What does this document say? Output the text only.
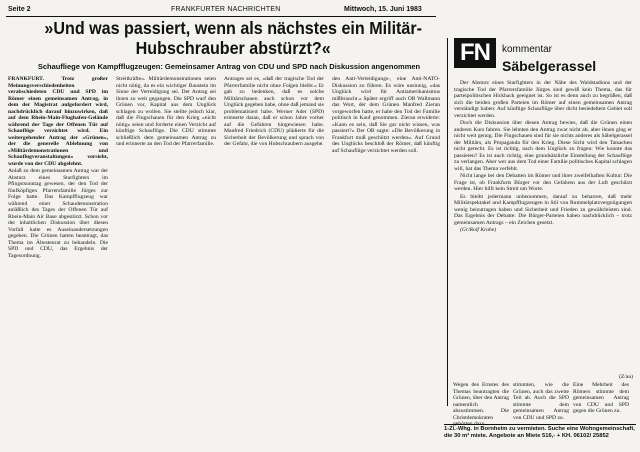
Seite 2	FRANKFURTER NACHRICHTEN	Mittwoch, 15. Juni 1983
»Und was passiert, wenn als nächstes ein Militär-Hubschrauber abstürzt?«
Schaufliege von Kampfflugzeugen: Gemeinsamer Antrag von CDU und SPD nach Diskussion angenommen

FRANKFURT. Trotz großer Meinungsverschiedenheiten verabschiedeten CDU und SPD im Römer einen gemeinsamen Antrag, in dem der Magistrat aufgefordert wird, nachdrücklich darauf hinzuwirken, daß auf dem Rhein-Main-Flughafen-Gelände während der Tage der Offenen Tür auf Schauflüge verzichtet wird. Ein weitergehender Antrag der »Grünen«, der die generelle Ablehnung von »Militärdemonstrationen und Schauflugveranstaltungen« vorsieht, wurde von der CDU abgelehnt.

Anlaß zu dem gemeinsamen Antrag war der Absturz eines Starfighters im Pfingstsonntag gewesen, der den Tod der fünfköpfigen Pfarrersfamilie Jürges zur Folge hatte. Das Kampfflugzeug war während einer Schaudemonstration anläßlich des Tages der Offenen Tür auf Rhein-Main Air Base abgestürzt. Schon vor der inhaltlichen Diskussion über diesen Vorfall hatte es Auseinandersetzungen gegeben. Die Grünen hatten beantragt, das Thema im Ältestenrat zu behandeln. Die SPD und CDU, das Ergebnis der Tagesordnung.

Streitkräfte«. Militärdemonstrationen seien nicht nötig, da es ein wichtiger Baustein im Sinne der Verteidigung sei. Der Antrag sei ihnen zu weit gegangen. Die SPD warf den Grünen vor, Kapital aus dem Unglück schlagen zu wollen. Sie stellte jedoch klar, daß die Flugschauen für den Krieg »nicht nötig« seien und forderte einen Verzicht auf künftige Schauflüge. Die CDU stimmte schließlich dem gemeinsamen Antrag zu und erinnerte an den Tod der Pfarrerfamilie.

Antrages sei es, »daß der tragische Tod der Pfarrerfamilie nicht ohne Folgen bleibt.« Er gab zu bedenken, daß es solche Militärschauen auch schon vor dem Unglück gegeben habe, ohne daß jemand sie problematisiert habe. Werner Ader (SPD) erinnerte daran, daß er schon Jahre vorher auf die Gefahren hingewiesen habe. Manfred Friedrich (CDU) plädierte für die Sicherheit der Bevölkerung und sprach von der Gefahr, die von Hubschraubern ausgehe.

den Anti-Verteidigungs-, eine Anti-NATO-Diskussion zu führen. Es wäre unsinnig, »das Unglück wird für Antiamerikanismus mißbraucht.« Später ergriff auch OB Wallmann das Wort, der dem Grünen Manfred Zieran vorgeworfen hatte, er habe den Tod der Familie politisch in Kauf genommen. Zieran erwiderte: »Kann es sein, daß Sie gar nicht wissen, was passiert?« Der OB sagte: »Die Bevölkerung in Frankfurt muß geschützt werden«. Auf Grund des Unglücks beschloß der Römer, daß künftig auf Schauflüge verzichtet werden soll.

FN	kommentar
Säbelgerassel

Der Absturz eines Starfighters in der Nähe des Waldstadions und der tragische Tod der Pfarrersfamilie Jürges sind gewiß kein Thema, das für parteipolitischen Hickhack geeignet ist. So ist es denn auch zu begrüßen, daß sich die beiden großen Parteien im Römer auf einen gemeinsamen Antrag verständigt haben: Auf künftige Schauflüge über dicht besiedeltem Gebiet soll verzichtet werden.

Doch die Diskussion über diesen Antrag bewies, daß die Grünen einen anderen Kurs fahren. Sie lehnten den Antrag zwar nicht ab, aber ihnen ging er nicht weit genug. Die Flugschauen sind für sie nichts anderes als Säbelgerassel der Militärs, als Propaganda für den Krieg. Diese Sicht wird den Tatsachen nicht gerecht. Es ist richtig, nach dem Unglück zu fragen: Wie konnte das passieren? Es ist auch richtig, eine grundsätzliche Einstellung der Schauflüge zu verlangen. Aber wer aus dem Tod einer Familie politisches Kapital schlagen will, hat das Thema verfehlt.

Nicht lange bei den Debatten im Römer und ihrer zweifelhaften Kultur: Die Frage ist, ob Frankfurts Bürger vor den Gefahren aus der Luft geschützt werden. Hier hilft kein Streit um Worte.

Es bleibt jedermann unbenommen, darauf zu beharren, daß mehr Militärspektakel und Kampfflugzeugen in Stil von Rummelplatzvergnügungen wenig beizutragen haben und Sicherheit und Frieden zu gewährleisten sind. Das Ergebnis der Debatte: Die Bürger-Parteien haben nachdrücklich – trotz gemeinsamen Antrags – ein Zeichen gesetzt.

(Gr/Rolf Krahe)

(Z/au)
Wegen des Ernstes des Themas beantragten die Grünen, über den Antrag namentlich abzustimmen. Die Christdemokraten gehörten dazu.
stimmten, wie die Grünen, auch das zweite Teil ab. Auch die SPD stimmte dem gemeinsamen Antrag von CDU und SPD zu.
Eine Mehrheit des Römers stimmte dem gemeinsamen Antrag von CDU und SPD gegen die Grünen zu.
1-Zi.-Whg. in Bornheim zu vermieten. Suche eine Wohngemeinschaft, die 30 m² miete. Angebote an Miete 516,- + KH. 06102/ 25852
